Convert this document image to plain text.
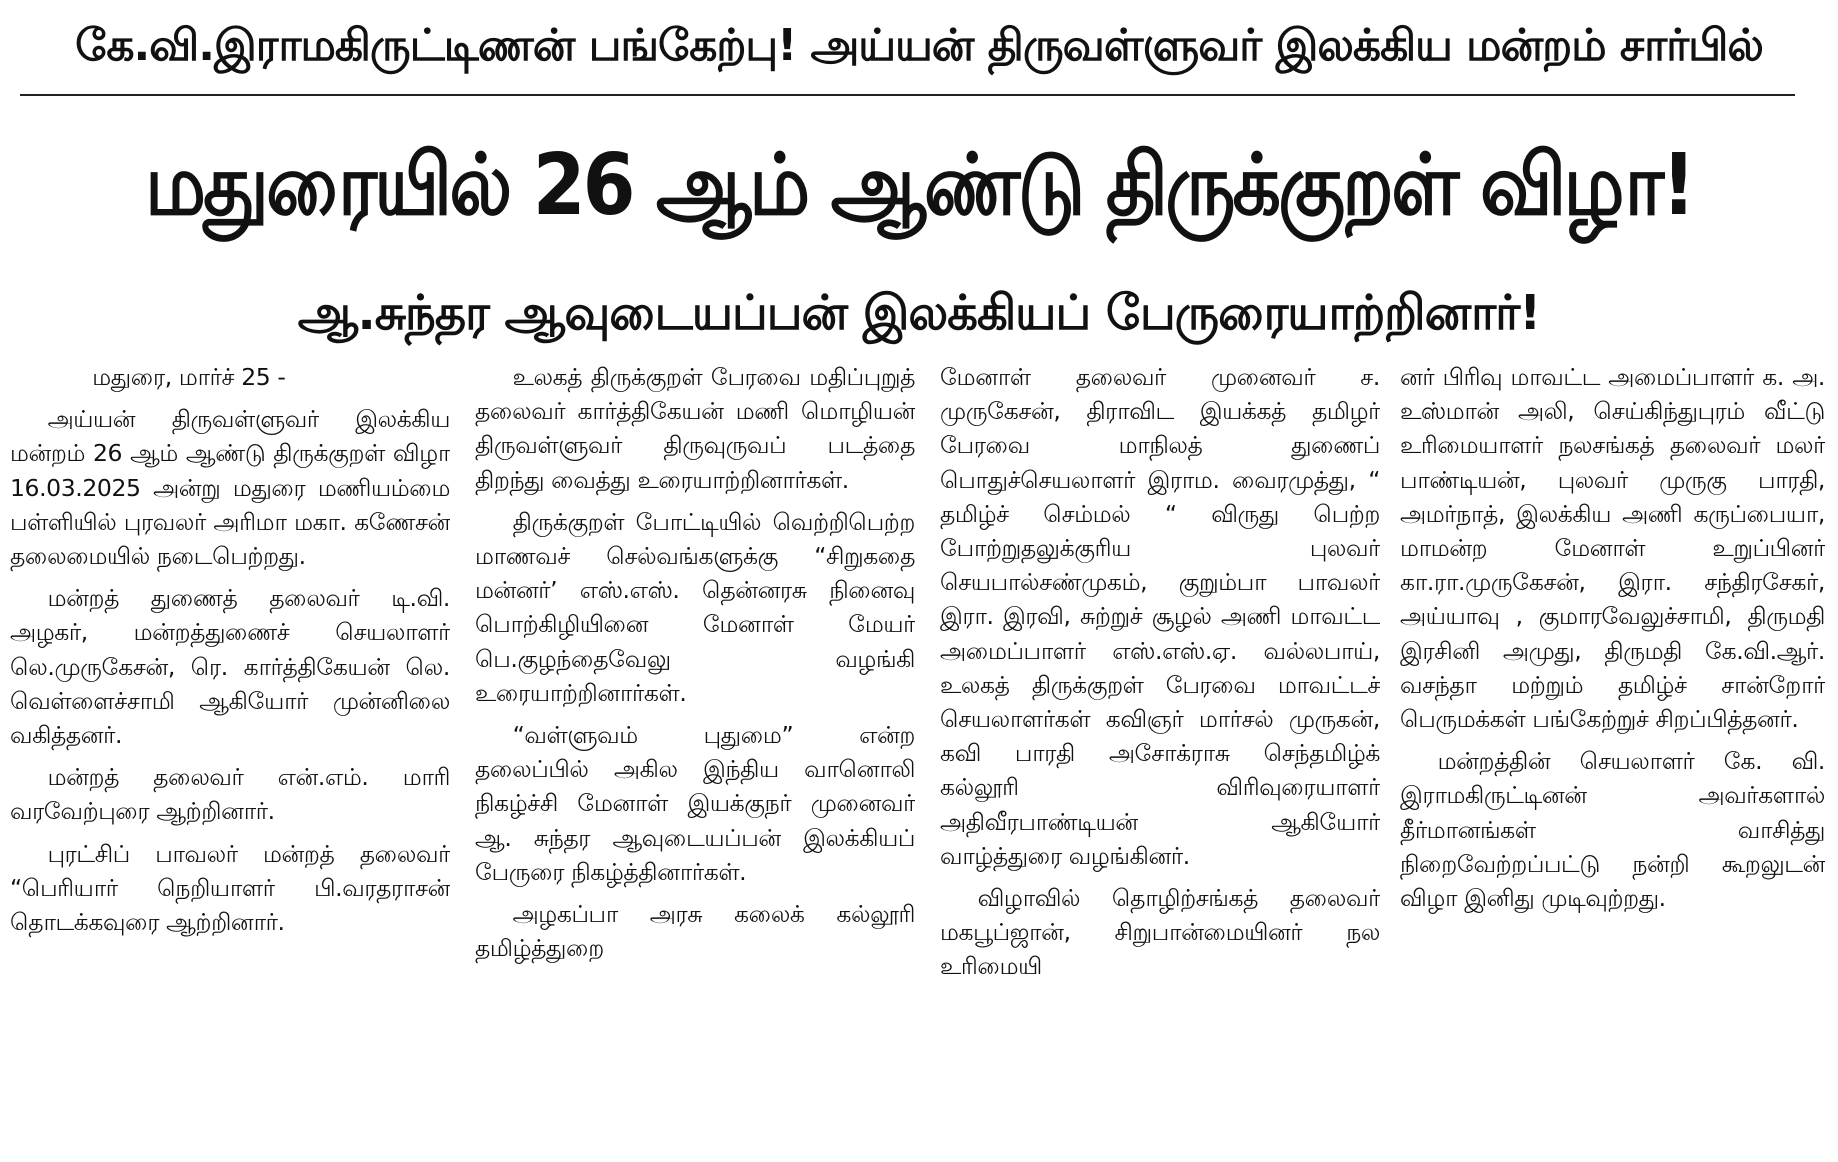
கே.வி.இராமகிருட்டிணன் பங்கேற்பு! அய்யன் திருவள்ளுவர் இலக்கிய மன்றம் சார்பில்
மதுரையில் 26 ஆம் ஆண்டு திருக்குறள் விழா!
ஆ.சுந்தர ஆவுடையப்பன் இலக்கியப் பேருரையாற்றினார்!

மதுரை, மார்ச் 25 -

அய்யன் திருவள்ளுவர் இலக்கிய மன்றம் 26 ஆம் ஆண்டு திருக்குறள் விழா 16.03.2025 அன்று மதுரை மணியம்மை பள்ளியில் புரவலர் அரிமா மகா. கணேசன் தலைமையில் நடைபெற்றது.

மன்றத் துணைத் தலைவர் டி.வி. அழகர், மன்றத்துணைச் செயலாளர் லெ.முருகேசன், ரெ. கார்த்திகேயன் லெ. வெள்ளைச்சாமி ஆகியோர் முன்னிலை வகித்தனர்.

மன்றத் தலைவர் என்.எம். மாரி வரவேற்புரை ஆற்றினார்.

புரட்சிப் பாவலர் மன்றத் தலைவர் “பெரியார் நெறியாளர் பி.வரதராசன் தொடக்கவுரை ஆற்றினார்.

உலகத் திருக்குறள் பேரவை மதிப்புறுத் தலைவர் கார்த்திகேயன் மணி மொழியன் திருவள்ளுவர் திருவுருவப் படத்தை திறந்து வைத்து உரையாற்றினார்கள்.

திருக்குறள் போட்டியில் வெற்றிபெற்ற மாணவச் செல்வங்களுக்கு “சிறுகதை மன்னர்’ எஸ்.எஸ். தென்னரசு நினைவு பொற்கிழியினை மேனாள் மேயர் பெ.குழந்தைவேலு வழங்கி உரையாற்றினார்கள்.

“வள்ளுவம் புதுமை” என்ற தலைப்பில் அகில இந்திய வானொலி நிகழ்ச்சி மேனாள் இயக்குநர் முனைவர் ஆ. சுந்தர ஆவுடையப்பன் இலக்கியப் பேருரை நிகழ்த்தினார்கள்.

அழகப்பா அரசு கலைக் கல்லூரி தமிழ்த்துறை

மேனாள் தலைவர் முனைவர் ச. முருகேசன், திராவிட இயக்கத் தமிழர் பேரவை மாநிலத் துணைப் பொதுச்செயலாளர் இராம. வைரமுத்து, “ தமிழ்ச் செம்மல் “ விருது பெற்ற போற்றுதலுக்குரிய புலவர் செயபால்சண்முகம், குறும்பா பாவலர் இரா. இரவி, சுற்றுச் சூழல் அணி மாவட்ட அமைப்பாளர் எஸ்.எஸ்.ஏ. வல்லபாய், உலகத் திருக்குறள் பேரவை மாவட்டச் செயலாளர்கள் கவிஞர் மார்சல் முருகன், கவி பாரதி அசோக்ராசு செந்தமிழ்க் கல்லூரி விரிவுரையாளர் அதிவீரபாண்டியன் ஆகியோர் வாழ்த்துரை வழங்கினர்.

விழாவில் தொழிற்சங்கத் தலைவர் மகபூப்ஜான், சிறுபான்மையினர் நல உரிமையி

னர் பிரிவு மாவட்ட அமைப்பாளர் க. அ. உஸ்மான் அலி, செய்கிந்துபுரம் வீட்டு உரிமையாளர் நலசங்கத் தலைவர் மலர் பாண்டியன், புலவர் முருகு பாரதி, அமர்நாத், இலக்கிய அணி கருப்பையா, மாமன்ற மேனாள் உறுப்பினர் கா.ரா.முருகேசன், இரா. சந்திரசேகர், அய்யாவு , குமாரவேலுச்சாமி, திருமதி இரசினி அமுது, திருமதி கே.வி.ஆர். வசந்தா மற்றும் தமிழ்ச் சான்றோர் பெருமக்கள் பங்கேற்றுச் சிறப்பித்தனர்.

மன்றத்தின் செயலாளர் கே. வி. இராமகிருட்டினன் அவர்களால் தீர்மானங்கள் வாசித்து நிறைவேற்றப்பட்டு நன்றி கூறலுடன் விழா இனிது முடிவுற்றது.
